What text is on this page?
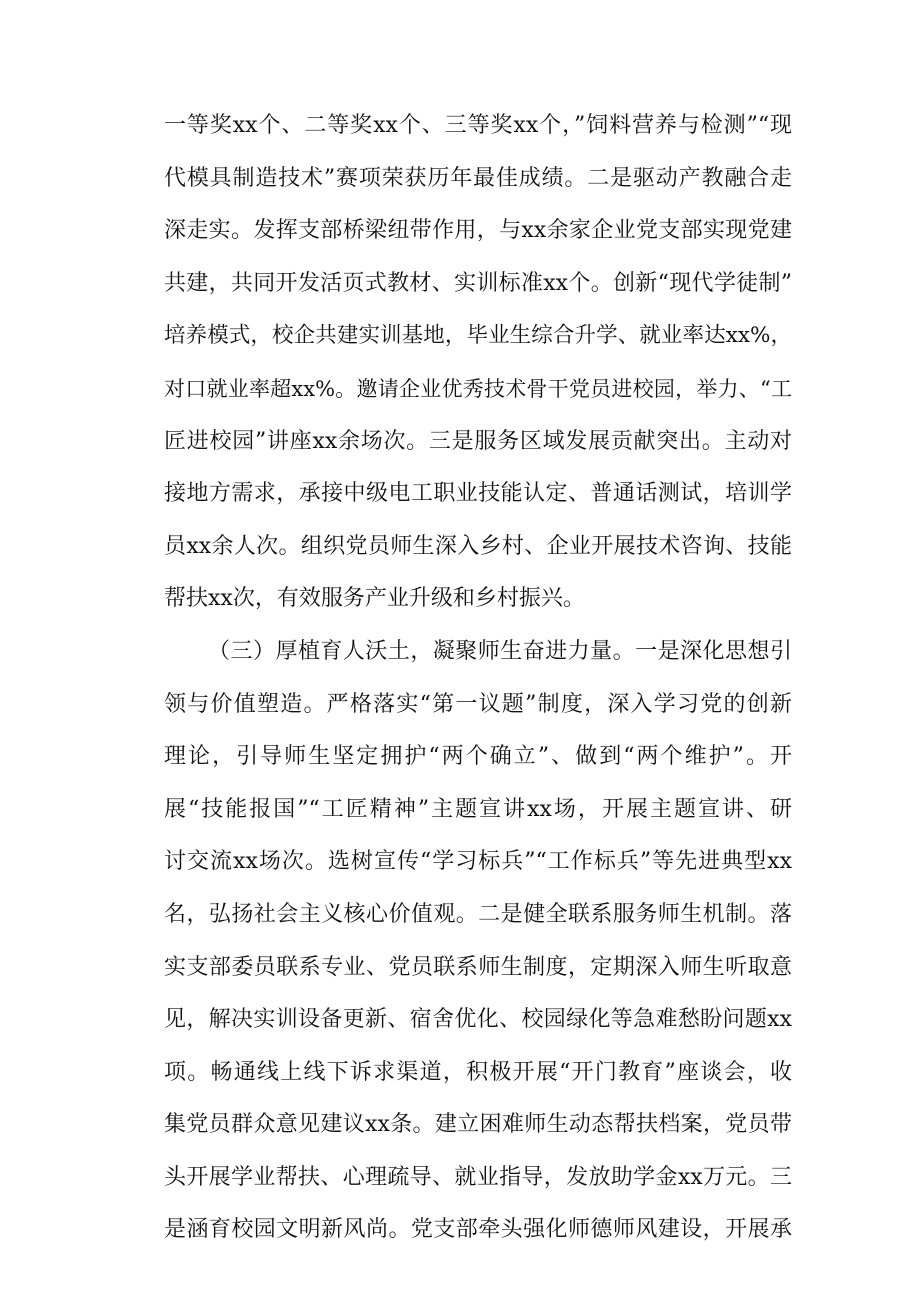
一等奖xx个、二等奖xx个、三等奖xx个，”饲料营养与检测”“现
代模具制造技术”赛项荣获历年最佳成绩。二是驱动产教融合走
深走实。发挥支部桥梁纽带作用，与xx余家企业党支部实现党建
共建，共同开发活页式教材、实训标准xx个。创新“现代学徒制”
培养模式，校企共建实训基地，毕业生综合升学、就业率达xx%，
对口就业率超xx%。邀请企业优秀技术骨干党员进校园，举力、“工
匠进校园”讲座xx余场次。三是服务区域发展贡献突出。主动对
接地方需求，承接中级电工职业技能认定、普通话测试，培训学
员xx余人次。组织党员师生深入乡村、企业开展技术咨询、技能
帮扶xx次，有效服务产业升级和乡村振兴。
（三）厚植育人沃土，凝聚师生奋进力量。一是深化思想引
领与价值塑造。严格落实“第一议题”制度，深入学习党的创新
理论，引导师生坚定拥护“两个确立”、做到“两个维护”。开
展“技能报国”“工匠精神”主题宣讲xx场，开展主题宣讲、研
讨交流xx场次。选树宣传“学习标兵”“工作标兵”等先进典型xx
名，弘扬社会主义核心价值观。二是健全联系服务师生机制。落
实支部委员联系专业、党员联系师生制度，定期深入师生听取意
见，解决实训设备更新、宿舍优化、校园绿化等急难愁盼问题xx
项。畅通线上线下诉求渠道，积极开展“开门教育”座谈会，收
集党员群众意见建议xx条。建立困难师生动态帮扶档案，党员带
头开展学业帮扶、心理疏导、就业指导，发放助学金xx万元。三
是涵育校园文明新风尚。党支部牵头强化师德师风建设，开展承
